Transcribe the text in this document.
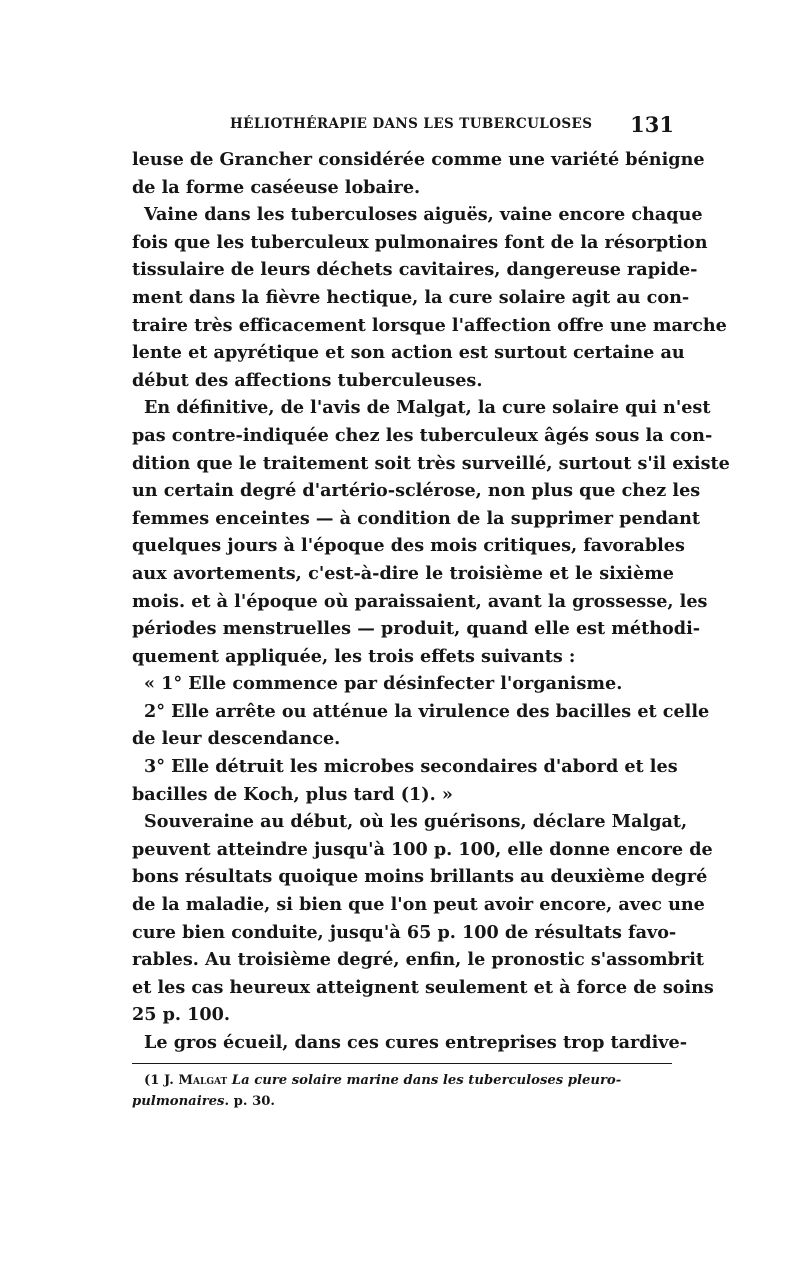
HÉLIOTHÉRAPIE DANS LES TUBERCULOSES 131
leuse de Grancher considérée comme une variété bénigne
de la forme caséeuse lobaire.
Vaine dans les tuberculoses aiguës, vaine encore chaque
fois que les tuberculeux pulmonaires font de la résorption
tissulaire de leurs déchets cavitaires, dangereuse rapide-
ment dans la fièvre hectique, la cure solaire agit au con-
traire très efficacement lorsque l'affection offre une marche
lente et apyrétique et son action est surtout certaine au
début des affections tuberculeuses.
En définitive, de l'avis de Malgat, la cure solaire qui n'est
pas contre-indiquée chez les tuberculeux âgés sous la con-
dition que le traitement soit très surveillé, surtout s'il existe
un certain degré d'artério-sclérose, non plus que chez les
femmes enceintes — à condition de la supprimer pendant
quelques jours à l'époque des mois critiques, favorables
aux avortements, c'est-à-dire le troisième et le sixième
mois. et à l'époque où paraissaient, avant la grossesse, les
périodes menstruelles — produit, quand elle est méthodi-
quement appliquée, les trois effets suivants :
« 1° Elle commence par désinfecter l'organisme.
2° Elle arrête ou atténue la virulence des bacilles et celle
de leur descendance.
3° Elle détruit les microbes secondaires d'abord et les
bacilles de Koch, plus tard (1). »
Souveraine au début, où les guérisons, déclare Malgat,
peuvent atteindre jusqu'à 100 p. 100, elle donne encore de
bons résultats quoique moins brillants au deuxième degré
de la maladie, si bien que l'on peut avoir encore, avec une
cure bien conduite, jusqu'à 65 p. 100 de résultats favo-
rables. Au troisième degré, enfin, le pronostic s'assombrit
et les cas heureux atteignent seulement et à force de soins
25 p. 100.
Le gros écueil, dans ces cures entreprises trop tardive-
(1 J. Malgat La cure solaire marine dans les tuberculoses pleuro-
pulmonaires. p. 30.
